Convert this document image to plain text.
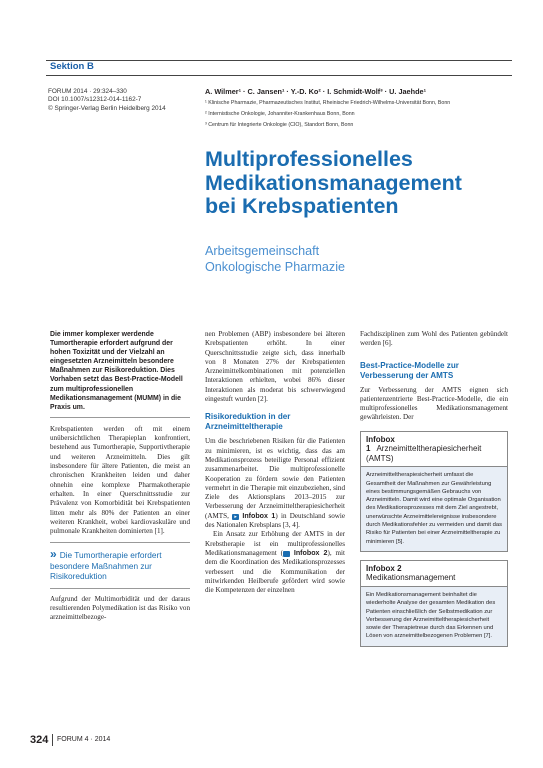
Sektion B
FORUM 2014 · 29:324–330
DOI 10.1007/s12312-014-1162-7
© Springer-Verlag Berlin Heidelberg 2014
A. Wilmer¹ · C. Jansen¹ · Y.-D. Ko² · I. Schmidt-Wolf³ · U. Jaehde¹
¹ Klinische Pharmazie, Pharmazeutisches Institut, Rheinische Friedrich-Wilhelms-Universität Bonn, Bonn
² Internistische Onkologie, Johanniter-Krankenhaus Bonn, Bonn
³ Centrum für Integrierte Onkologie (CIO), Standort Bonn, Bonn
Multiprofessionelles
Medikationsmanagement
bei Krebspatienten
Arbeitsgemeinschaft
Onkologische Pharmazie

Die immer komplexer werdende Tumortherapie erfordert aufgrund der hohen Toxizität und der Vielzahl an eingesetzten Arzneimitteln besondere Maßnahmen zur Risikoreduktion. Dies Vorhaben setzt das Best-Practice-Modell zum multiprofessionellen Medikationsmanagement (MUMM) in die Praxis um.

Krebspatienten werden oft mit einem unübersichtlichen Therapieplan konfrontiert, bestehend aus Tumortherapie, Supportivtherapie und weiteren Arzneimitteln. Dies gilt insbesondere für ältere Patienten, die meist an chronischen Krankheiten leiden und daher ohnehin eine komplexe Pharmakotherapie erhalten. In einer Querschnittsstudie zur Prävalenz von Komorbidität bei Krebspatienten litten mehr als 80% der Patienten an einer weiteren Krankheit, wobei kardiovaskuläre und pulmonale Krankheiten dominierten [1].

» Die Tumortherapie erfordert besondere Maßnahmen zur Risikoreduktion

Aufgrund der Multimorbidität und der daraus resultierenden Polymedikation ist das Risiko von arzneimittelbezoge-

nen Problemen (ABP) insbesondere bei älteren Krebspatienten erhöht. In einer Querschnittsstudie zeigte sich, dass innerhalb von 8 Monaten 27% der Krebspatienten Arzneimittelkombinationen mit potenziellen Interaktionen erhielten, wobei 86% dieser Interaktionen als moderat bis schwerwiegend eingestuft wurden [2].

Risikoreduktion in der Arzneimitteltherapie

Um die beschriebenen Risiken für die Patienten zu minimieren, ist es wichtig, dass das am Medikationsprozess beteiligte Personal effizient zusammenarbeitet. Die multiprofessionelle Kooperation zu fördern sowie den Patienten vermehrt in die Therapie mit einzubeziehen, sind Ziele des Aktionsplans 2013–2015 zur Verbesserung der Arzneimitteltherapiesicherheit (AMTS, ▸ Infobox 1) in Deutschland sowie des Nationalen Krebsplans [3, 4].

Ein Ansatz zur Erhöhung der AMTS in der Krebstherapie ist ein multiprofessionelles Medikationsmanagement ( ▸ Infobox 2), mit dem die Koordination des Medikationsprozesses verbessert und die Kommunikation der mitwirkenden Heilberufe gefördert wird sowie die Kompetenzen der einzelnen

Fachdisziplinen zum Wohl des Patienten gebündelt werden [6].

Best-Practice-Modelle zur Verbesserung der AMTS

Zur Verbesserung der AMTS eignen sich patientenzentrierte Best-Practice-Modelle, die ein multiprofessionelles Medikationsmanagement gewährleisten. Der

Infobox 1 Arzneimitteltherapiesicherheit (AMTS)
Arzneimitteltherapiesicherheit umfasst die Gesamtheit der Maßnahmen zur Gewährleistung eines bestimmungsgemäßen Gebrauchs von Arzneimitteln. Damit wird eine optimale Organisation des Medikationsprozesses mit dem Ziel angestrebt, unerwünschte Arzneimittelereignisse insbesondere durch Medikationsfehler zu vermeiden und damit das Risiko für Patienten bei einer Arzneimitteltherapie zu minimieren [5].
Infobox 2
Medikationsmanagement
Ein Medikationsmanagement beinhaltet die wiederholte Analyse der gesamten Medikation des Patienten einschließlich der Selbstmedikation zur Verbesserung der Arzneimitteltherapiesicherheit sowie der Therapietreue durch das Erkennen und Lösen von arzneimittelbezogenen Problemen [7].
324 FORUM 4 · 2014
